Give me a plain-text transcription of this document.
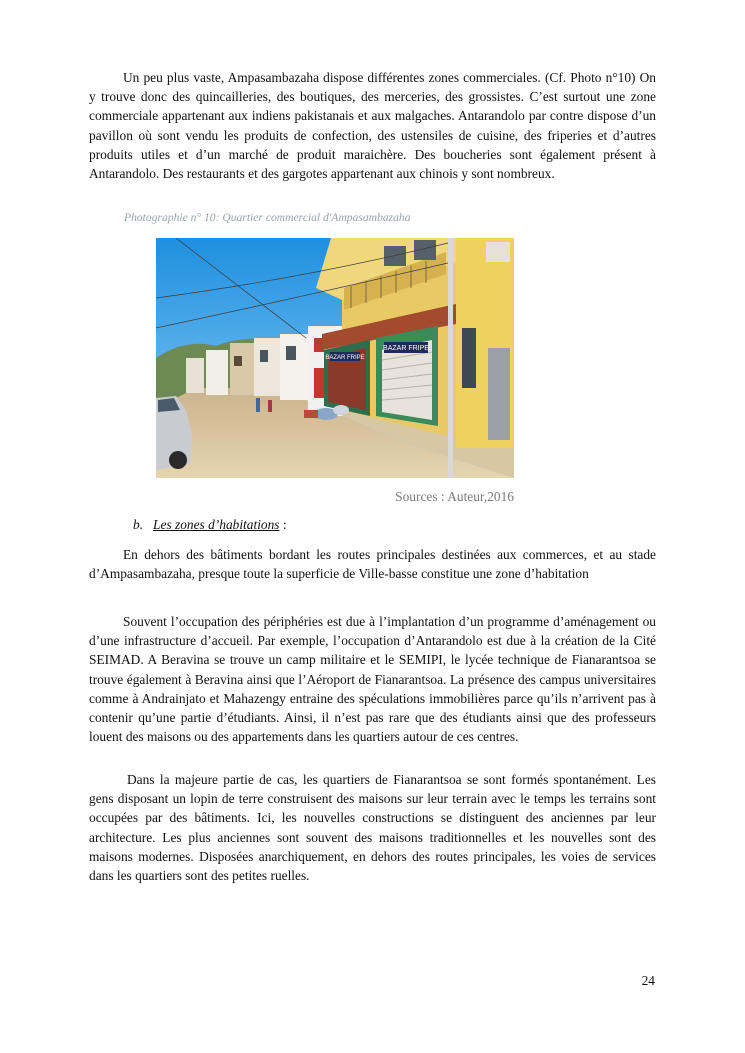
Un peu plus vaste, Ampasambazaha dispose différentes zones commerciales. (Cf. Photo n°10) On y trouve donc des quincailleries, des boutiques, des merceries, des grossistes. C’est surtout une zone commerciale appartenant aux indiens pakistanais et aux malgaches. Antarandolo par contre dispose d’un pavillon où sont vendu les produits de confection, des ustensiles de cuisine, des friperies et d’autres produits utiles et d’un marché de produit maraichère. Des boucheries sont également présent à Antarandolo. Des restaurants et des gargotes appartenant aux chinois y sont nombreux.

Photographie n° 10: Quartier commercial d'Ampasambazaha

BAZAR FRIPE
BAZAR FRIPE

Sources : Auteur,2016

b. Les zones d’habitations :

En dehors des bâtiments bordant les routes principales destinées aux commerces, et au stade d’Ampasambazaha, presque toute la superficie de Ville-basse constitue une zone d’habitation

Souvent l’occupation des périphéries est due à l’implantation d’un programme d’aménagement ou d’une infrastructure d’accueil. Par exemple, l’occupation d’Antarandolo est due à la création de la Cité SEIMAD. A Beravina se trouve un camp militaire et le SEMIPI, le lycée technique de Fianarantsoa se trouve également à Beravina ainsi que l’Aéroport de Fianarantsoa. La présence des campus universitaires comme à Andrainjato et Mahazengy entraine des spéculations immobilières parce qu’ils n’arrivent pas à contenir qu’une partie d’étudiants. Ainsi, il n’est pas rare que des étudiants ainsi que des professeurs louent des maisons ou des appartements dans les quartiers autour de ces centres.

Dans la majeure partie de cas, les quartiers de Fianarantsoa se sont formés spontanément. Les gens disposant un lopin de terre construisent des maisons sur leur terrain avec le temps les terrains sont occupées par des bâtiments. Ici, les nouvelles constructions se distinguent des anciennes par leur architecture. Les plus anciennes sont souvent des maisons traditionnelles et les nouvelles sont des maisons modernes. Disposées anarchiquement, en dehors des routes principales, les voies de services dans les quartiers sont des petites ruelles.

24
